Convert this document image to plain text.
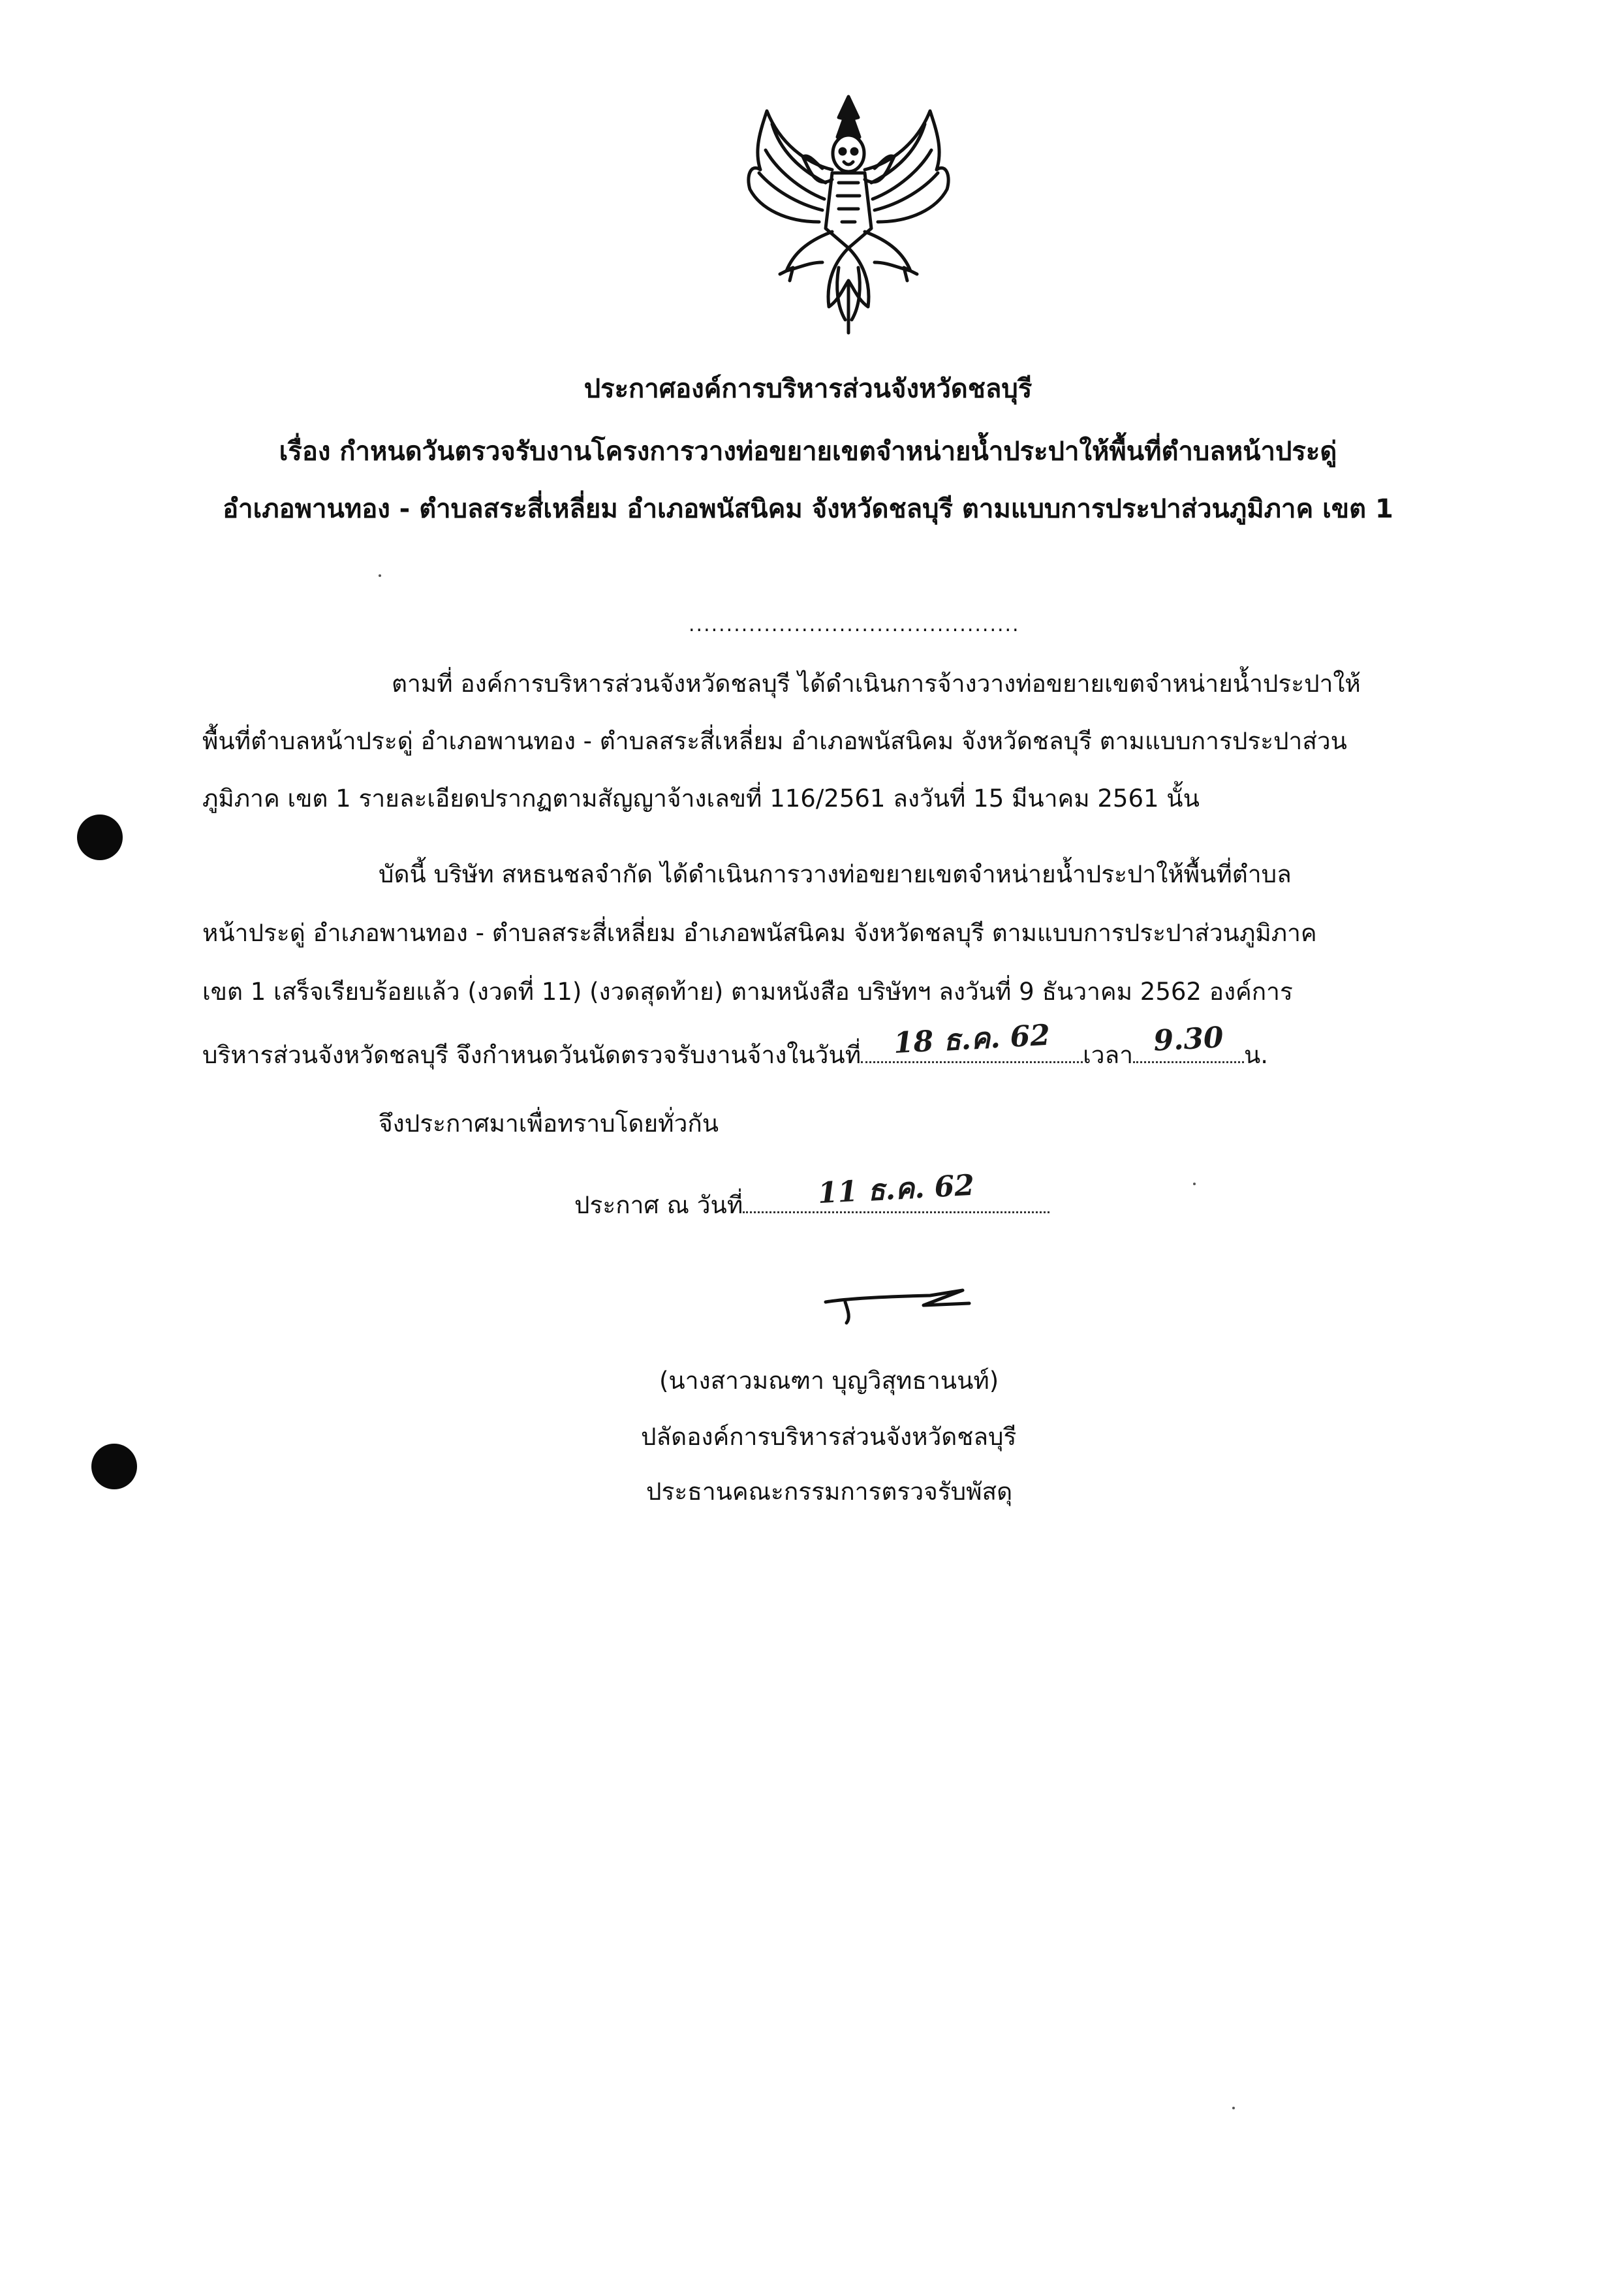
ประกาศองค์การบริหารส่วนจังหวัดชลบุรี
เรื่อง กำหนดวันตรวจรับงานโครงการวางท่อขยายเขตจำหน่ายน้ำประปาให้พื้นที่ตำบลหน้าประดู่
อำเภอพานทอง - ตำบลสระสี่เหลี่ยม อำเภอพนัสนิคม จังหวัดชลบุรี ตามแบบการประปาส่วนภูมิภาค เขต 1
............................................
ตามที่ องค์การบริหารส่วนจังหวัดชลบุรี ได้ดำเนินการจ้างวางท่อขยายเขตจำหน่ายน้ำประปาให้
พื้นที่ตำบลหน้าประดู่ อำเภอพานทอง - ตำบลสระสี่เหลี่ยม อำเภอพนัสนิคม จังหวัดชลบุรี ตามแบบการประปาส่วน
ภูมิภาค เขต 1 รายละเอียดปรากฏตามสัญญาจ้างเลขที่ 116/2561 ลงวันที่ 15 มีนาคม 2561 นั้น
บัดนี้ บริษัท สหธนชลจำกัด ได้ดำเนินการวางท่อขยายเขตจำหน่ายน้ำประปาให้พื้นที่ตำบล
หน้าประดู่ อำเภอพานทอง - ตำบลสระสี่เหลี่ยม อำเภอพนัสนิคม จังหวัดชลบุรี ตามแบบการประปาส่วนภูมิภาค
เขต 1 เสร็จเรียบร้อยแล้ว (งวดที่ 11) (งวดสุดท้าย) ตามหนังสือ บริษัทฯ ลงวันที่ 9 ธันวาคม 2562 องค์การ
บริหารส่วนจังหวัดชลบุรี จึงกำหนดวันนัดตรวจรับงานจ้างในวันที่ 18 ธ.ค. 62 เวลา 9.30 น.
จึงประกาศมาเพื่อทราบโดยทั่วกัน
ประกาศ ณ วันที่	11 ธ.ค. 62
(นางสาวมณฑา บุญวิสุทธานนท์)
ปลัดองค์การบริหารส่วนจังหวัดชลบุรี
ประธานคณะกรรมการตรวจรับพัสดุ
